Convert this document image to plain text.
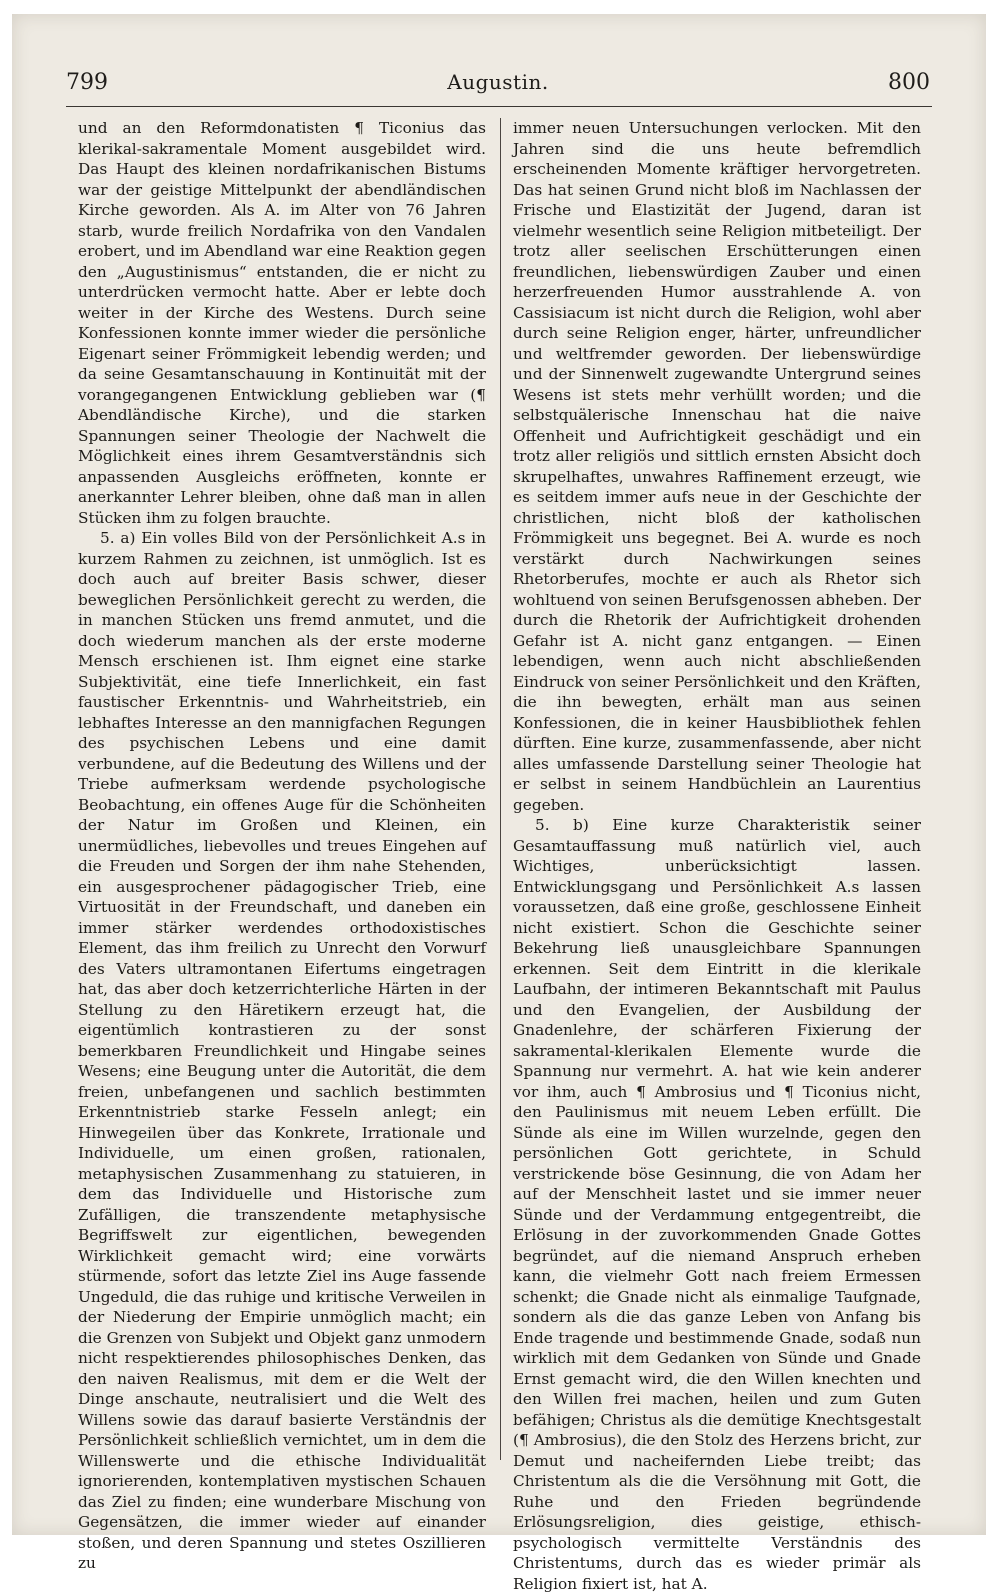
799	Augustin.	800

und an den Reformdonatisten ¶ Ticonius das klerikal-sakramentale Moment ausgebildet wird. Das Haupt des kleinen nordafrikanischen Bistums war der geistige Mittelpunkt der abendländischen Kirche geworden. Als A. im Alter von 76 Jahren starb, wurde freilich Nordafrika von den Vandalen erobert, und im Abendland war eine Reaktion gegen den „Augustinismus“ entstanden, die er nicht zu unterdrücken vermocht hatte. Aber er lebte doch weiter in der Kirche des Westens. Durch seine Konfessionen konnte immer wieder die persönliche Eigenart seiner Frömmigkeit lebendig werden; und da seine Gesamtanschauung in Kontinuität mit der vorangegangenen Entwicklung geblieben war (¶ Abendländische Kirche), und die starken Spannungen seiner Theologie der Nachwelt die Möglichkeit eines ihrem Gesamtverständnis sich anpassenden Ausgleichs eröffneten, konnte er anerkannter Lehrer bleiben, ohne daß man in allen Stücken ihm zu folgen brauchte.

5. a) Ein volles Bild von der Persönlichkeit A.s in kurzem Rahmen zu zeichnen, ist unmöglich. Ist es doch auch auf breiter Basis schwer, dieser beweglichen Persönlichkeit gerecht zu werden, die in manchen Stücken uns fremd anmutet, und die doch wiederum manchen als der erste moderne Mensch erschienen ist. Ihm eignet eine starke Subjektivität, eine tiefe Innerlichkeit, ein fast faustischer Erkenntnis- und Wahrheitstrieb, ein lebhaftes Interesse an den mannigfachen Regungen des psychischen Lebens und eine damit verbundene, auf die Bedeutung des Willens und der Triebe aufmerksam werdende psychologische Beobachtung, ein offenes Auge für die Schönheiten der Natur im Großen und Kleinen, ein unermüdliches, liebevolles und treues Eingehen auf die Freuden und Sorgen der ihm nahe Stehenden, ein ausgesprochener pädagogischer Trieb, eine Virtuosität in der Freundschaft, und daneben ein immer stärker werdendes orthodoxistisches Element, das ihm freilich zu Unrecht den Vorwurf des Vaters ultramontanen Eifertums eingetragen hat, das aber doch ketzerrichterliche Härten in der Stellung zu den Häretikern erzeugt hat, die eigentümlich kontrastieren zu der sonst bemerkbaren Freundlichkeit und Hingabe seines Wesens; eine Beugung unter die Autorität, die dem freien, unbefangenen und sachlich bestimmten Erkenntnistrieb starke Fesseln anlegt; ein Hinwegeilen über das Konkrete, Irrationale und Individuelle, um einen großen, rationalen, metaphysischen Zusammenhang zu statuieren, in dem das Individuelle und Historische zum Zufälligen, die transzendente metaphysische Begriffswelt zur eigentlichen, bewegenden Wirklichkeit gemacht wird; eine vorwärts stürmende, sofort das letzte Ziel ins Auge fassende Ungeduld, die das ruhige und kritische Verweilen in der Niederung der Empirie unmöglich macht; ein die Grenzen von Subjekt und Objekt ganz unmodern nicht respektierendes philosophisches Denken, das den naiven Realismus, mit dem er die Welt der Dinge anschaute, neutralisiert und die Welt des Willens sowie das darauf basierte Verständnis der Persönlichkeit schließlich vernichtet, um in dem die Willenswerte und die ethische Individualität ignorierenden, kontemplativen mystischen Schauen das Ziel zu finden; eine wunderbare Mischung von Gegensätzen, die immer wieder auf einander stoßen, und deren Spannung und stetes Oszillieren zu

immer neuen Untersuchungen verlocken. Mit den Jahren sind die uns heute befremdlich erscheinenden Momente kräftiger hervorgetreten. Das hat seinen Grund nicht bloß im Nachlassen der Frische und Elastizität der Jugend, daran ist vielmehr wesentlich seine Religion mitbeteiligt. Der trotz aller seelischen Erschütterungen einen freundlichen, liebenswürdigen Zauber und einen herzerfreuenden Humor ausstrahlende A. von Cassisiacum ist nicht durch die Religion, wohl aber durch seine Religion enger, härter, unfreundlicher und weltfremder geworden. Der liebenswürdige und der Sinnenwelt zugewandte Untergrund seines Wesens ist stets mehr verhüllt worden; und die selbstquälerische Innenschau hat die naive Offenheit und Aufrichtigkeit geschädigt und ein trotz aller religiös und sittlich ernsten Absicht doch skrupelhaftes, unwahres Raffinement erzeugt, wie es seitdem immer aufs neue in der Geschichte der christlichen, nicht bloß der katholischen Frömmigkeit uns begegnet. Bei A. wurde es noch verstärkt durch Nachwirkungen seines Rhetorberufes, mochte er auch als Rhetor sich wohltuend von seinen Berufsgenossen abheben. Der durch die Rhetorik der Aufrichtigkeit drohenden Gefahr ist A. nicht ganz entgangen. — Einen lebendigen, wenn auch nicht abschließenden Eindruck von seiner Persönlichkeit und den Kräften, die ihn bewegten, erhält man aus seinen Konfessionen, die in keiner Hausbibliothek fehlen dürften. Eine kurze, zusammenfassende, aber nicht alles umfassende Darstellung seiner Theologie hat er selbst in seinem Handbüchlein an Laurentius gegeben.

5. b) Eine kurze Charakteristik seiner Gesamtauffassung muß natürlich viel, auch Wichtiges, unberücksichtigt lassen. Entwicklungsgang und Persönlichkeit A.s lassen voraussetzen, daß eine große, geschlossene Einheit nicht existiert. Schon die Geschichte seiner Bekehrung ließ unausgleichbare Spannungen erkennen. Seit dem Eintritt in die klerikale Laufbahn, der intimeren Bekanntschaft mit Paulus und den Evangelien, der Ausbildung der Gnadenlehre, der schärferen Fixierung der sakramental-klerikalen Elemente wurde die Spannung nur vermehrt. A. hat wie kein anderer vor ihm, auch ¶ Ambrosius und ¶ Ticonius nicht, den Paulinismus mit neuem Leben erfüllt. Die Sünde als eine im Willen wurzelnde, gegen den persönlichen Gott gerichtete, in Schuld verstrickende böse Gesinnung, die von Adam her auf der Menschheit lastet und sie immer neuer Sünde und der Verdammung entgegentreibt, die Erlösung in der zuvorkommenden Gnade Gottes begründet, auf die niemand Anspruch erheben kann, die vielmehr Gott nach freiem Ermessen schenkt; die Gnade nicht als einmalige Taufgnade, sondern als die das ganze Leben von Anfang bis Ende tragende und bestimmende Gnade, sodaß nun wirklich mit dem Gedanken von Sünde und Gnade Ernst gemacht wird, die den Willen knechten und den Willen frei machen, heilen und zum Guten befähigen; Christus als die demütige Knechtsgestalt (¶ Ambrosius), die den Stolz des Herzens bricht, zur Demut und nacheifernden Liebe treibt; das Christentum als die die Versöhnung mit Gott, die Ruhe und den Frieden begründende Erlösungsreligion, dies geistige, ethisch-psychologisch vermittelte Verständnis des Christentums, durch das es wieder primär als Religion fixiert ist, hat A.
